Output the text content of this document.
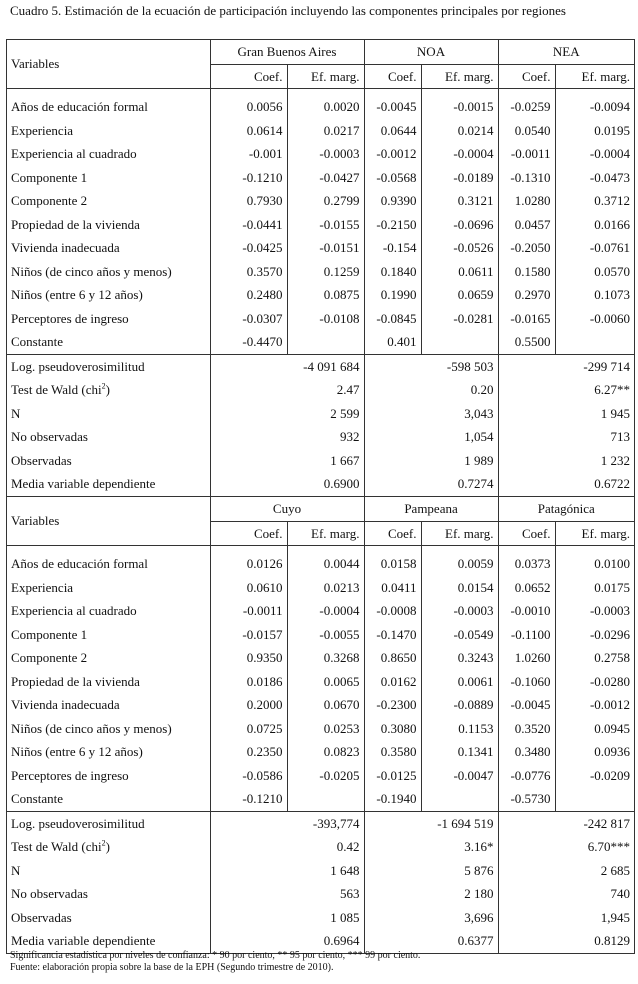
Cuadro 5. Estimación de la ecuación de participación incluyendo las componentes principales por regiones
Variables	Gran Buenos Aires		NOA		NEA	
	Coef.	Ef. marg.	Coef.	Ef. marg.	Coef.	Ef. marg.
Años de educación formal	0.0056	0.0020	-0.0045	-0.0015	-0.0259	-0.0094
Experiencia	0.0614	0.0217	0.0644	0.0214	0.0540	0.0195
Experiencia al cuadrado	-0.001	-0.0003	-0.0012	-0.0004	-0.0011	-0.0004
Componente 1	-0.1210	-0.0427	-0.0568	-0.0189	-0.1310	-0.0473
Componente 2	0.7930	0.2799	0.9390	0.3121	1.0280	0.3712
Propiedad de la vivienda	-0.0441	-0.0155	-0.2150	-0.0696	0.0457	0.0166
Vivienda inadecuada	-0.0425	-0.0151	-0.154	-0.0526	-0.2050	-0.0761
Niños (de cinco años y menos)	0.3570	0.1259	0.1840	0.0611	0.1580	0.0570
Niños (entre 6 y 12 años)	0.2480	0.0875	0.1990	0.0659	0.2970	0.1073
Perceptores de ingreso	-0.0307	-0.0108	-0.0845	-0.0281	-0.0165	-0.0060
Constante	-0.4470		0.401		0.5500	
Log. pseudoverosimilitud	-4 091 684		-598 503		-299 714	
Test de Wald (chi$^2$)	2.47		0.20		6.27**	
N	2 599		3,043		1 945	
No observadas	932		1,054		713	
Observadas	1 667		1 989		1 232	
Media variable dependiente	0.6900		0.7274		0.6722	
Variables	Cuyo		Pampeana		Patagónica	
	Coef.	Ef. marg.	Coef.	Ef. marg.	Coef.	Ef. marg.
Años de educación formal	0.0126	0.0044	0.0158	0.0059	0.0373	0.0100
Experiencia	0.0610	0.0213	0.0411	0.0154	0.0652	0.0175
Experiencia al cuadrado	-0.0011	-0.0004	-0.0008	-0.0003	-0.0010	-0.0003
Componente 1	-0.0157	-0.0055	-0.1470	-0.0549	-0.1100	-0.0296
Componente 2	0.9350	0.3268	0.8650	0.3243	1.0260	0.2758
Propiedad de la vivienda	0.0186	0.0065	0.0162	0.0061	-0.1060	-0.0280
Vivienda inadecuada	0.2000	0.0670	-0.2300	-0.0889	-0.0045	-0.0012
Niños (de cinco años y menos)	0.0725	0.0253	0.3080	0.1153	0.3520	0.0945
Niños (entre 6 y 12 años)	0.2350	0.0823	0.3580	0.1341	0.3480	0.0936
Perceptores de ingreso	-0.0586	-0.0205	-0.0125	-0.0047	-0.0776	-0.0209
Constante	-0.1210		-0.1940		-0.5730	
Log. pseudoverosimilitud	-393,774		-1 694 519		-242 817	
Test de Wald (chi$^2$)	0.42		3.16*		6.70***	
N	1 648		5 876		2 685	
No observadas	563		2 180		740	
Observadas	1 085		3,696		1,945	
Media variable dependiente	0.6964		0.6377		0.8129	
Significancia estadística por niveles de confianza: * 90 por ciento, ** 95 por ciento, *** 99 por ciento.
Fuente: elaboración propia sobre la base de la EPH (Segundo trimestre de 2010).
